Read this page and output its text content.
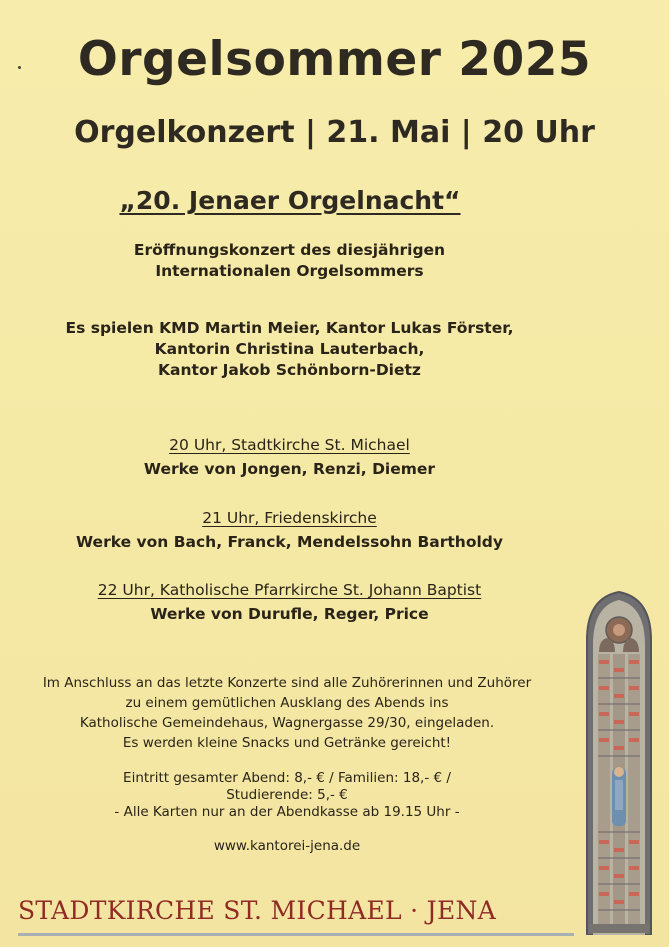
Orgelsommer 2025
Orgelkonzert | 21. Mai | 20 Uhr
„20. Jenaer Orgelnacht“
Eröffnungskonzert des diesjährigen
Internationalen Orgelsommers
Es spielen KMD Martin Meier, Kantor Lukas Förster,
Kantorin Christina Lauterbach,
Kantor Jakob Schönborn-Dietz
20 Uhr, Stadtkirche St. Michael
Werke von Jongen, Renzi, Diemer
21 Uhr, Friedenskirche
Werke von Bach, Franck, Mendelssohn Bartholdy
22 Uhr, Katholische Pfarrkirche St. Johann Baptist
Werke von Durufle, Reger, Price
Im Anschluss an das letzte Konzerte sind alle Zuhörerinnen und Zuhörer
zu einem gemütlichen Ausklang des Abends ins
Katholische Gemeindehaus, Wagnergasse 29/30, eingeladen.
Es werden kleine Snacks und Getränke gereicht!
Eintritt gesamter Abend: 8,- € / Familien: 18,- € /
Studierende: 5,- €
- Alle Karten nur an der Abendkasse ab 19.15 Uhr -
www.kantorei-jena.de
STADTKIRCHE ST. MICHAEL · JENA
